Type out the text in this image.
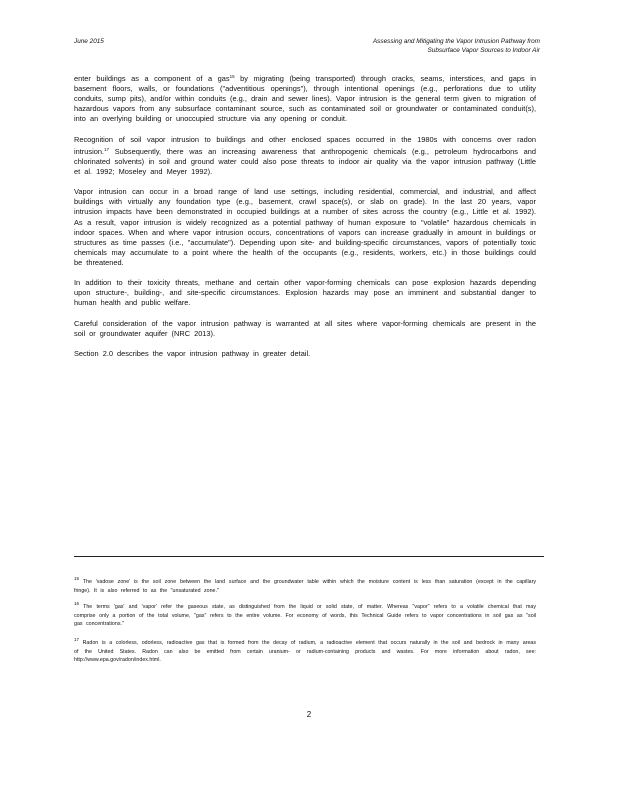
June 2015	Assessing and Mitigating the Vapor Intrusion Pathway from
Subsurface Vapor Sources to Indoor Air

enter buildings as a component of a gas$^{15}$ by migrating (being transported) through cracks, seams, interstices, and gaps in basement floors, walls, or foundations ("adventitious openings"), through intentional openings (e.g., perforations due to utility conduits, sump pits), and/or within conduits (e.g., drain and sewer lines). Vapor intrusion is the general term given to migration of hazardous vapors from any subsurface contaminant source, such as contaminated soil or groundwater or contaminated conduit(s), into an overlying building or unoccupied structure via any opening or conduit.

Recognition of soil vapor intrusion to buildings and other enclosed spaces occurred in the 1980s with concerns over radon intrusion.$^{17}$ Subsequently, there was an increasing awareness that anthropogenic chemicals (e.g., petroleum hydrocarbons and chlorinated solvents) in soil and ground water could also pose threats to indoor air quality via the vapor intrusion pathway (Little et al. 1992; Moseley and Meyer 1992).

Vapor intrusion can occur in a broad range of land use settings, including residential, commercial, and industrial, and affect buildings with virtually any foundation type (e.g., basement, crawl space(s), or slab on grade). In the last 20 years, vapor intrusion impacts have been demonstrated in occupied buildings at a number of sites across the country (e.g., Little et al. 1992). As a result, vapor intrusion is widely recognized as a potential pathway of human exposure to "volatile" hazardous chemicals in indoor spaces. When and where vapor intrusion occurs, concentrations of vapors can increase gradually in amount in buildings or structures as time passes (i.e., "accumulate"). Depending upon site- and building-specific circumstances, vapors of potentially toxic chemicals may accumulate to a point where the health of the occupants (e.g., residents, workers, etc.) in those buildings could be threatened.

In addition to their toxicity threats, methane and certain other vapor-forming chemicals can pose explosion hazards depending upon structure-, building-, and site-specific circumstances. Explosion hazards may pose an imminent and substantial danger to human health and public welfare.

Careful consideration of the vapor intrusion pathway is warranted at all sites where vapor-forming chemicals are present in the soil or groundwater aquifer (NRC 2013).

Section 2.0 describes the vapor intrusion pathway in greater detail.

$^{15}$ The 'vadose zone' is the soil zone between the land surface and the groundwater table within which the moisture content is less than saturation (except in the capillary fringe). It is also referred to as the "unsaturated zone."
$^{16}$ The terms 'gas' and 'vapor' refer the gaseous state, as distinguished from the liquid or solid state, of matter. Whereas "vapor" refers to a volatile chemical that may comprise only a portion of the total volume, "gas" refers to the entire volume. For economy of words, this Technical Guide refers to vapor concentrations in soil gas as "soil gas concentrations."
$^{17}$ Radon is a colorless, odorless, radioactive gas that is formed from the decay of radium, a radioactive element that occurs naturally in the soil and bedrock in many areas of the United States. Radon can also be emitted from certain uranium- or radium-containing products and wastes. For more information about radon, see: http://www.epa.gov/radon/index.html.
2
